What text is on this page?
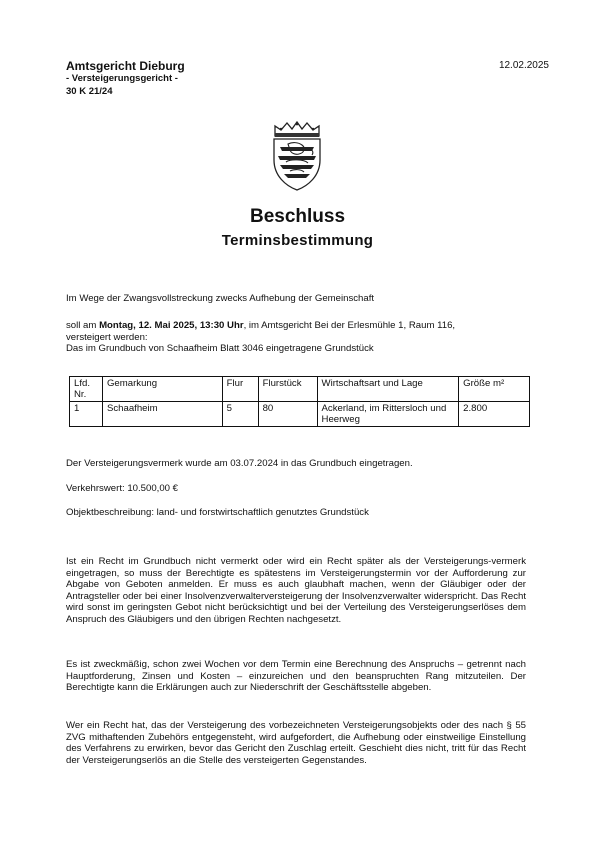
Amtsgericht Dieburg
- Versteigerungsgericht -
30 K 21/24
12.02.2025
Beschluss
Terminsbestimmung
Im Wege der Zwangsvollstreckung zwecks Aufhebung der Gemeinschaft
soll am Montag, 12. Mai 2025, 13:30 Uhr, im Amtsgericht Bei der Erlesmühle 1, Raum 116,
versteigert werden:
Das im Grundbuch von Schaafheim Blatt 3046 eingetragene Grundstück
Lfd. Nr.	Gemarkung	Flur	Flurstück	Wirtschaftsart und Lage	Größe m²
1	Schaafheim	5	80	Ackerland, im Rittersloch und Heerweg	2.800
Der Versteigerungsvermerk wurde am 03.07.2024 in das Grundbuch eingetragen.
Verkehrswert: 10.500,00 €
Objektbeschreibung: land- und forstwirtschaftlich genutztes Grundstück
Ist ein Recht im Grundbuch nicht vermerkt oder wird ein Recht später als der Versteigerungs-vermerk eingetragen, so muss der Berechtigte es spätestens im Versteigerungstermin vor der Aufforderung zur Abgabe von Geboten anmelden. Er muss es auch glaubhaft machen, wenn der Gläubiger oder der Antragsteller oder bei einer Insolvenzverwalterversteigerung der Insolvenzverwalter widerspricht. Das Recht wird sonst im geringsten Gebot nicht berücksichtigt und bei der Verteilung des Versteigerungserlöses dem Anspruch des Gläubigers und den übrigen Rechten nachgesetzt.
Es ist zweckmäßig, schon zwei Wochen vor dem Termin eine Berechnung des Anspruchs – getrennt nach Hauptforderung, Zinsen und Kosten – einzureichen und den beanspruchten Rang mitzuteilen. Der Berechtigte kann die Erklärungen auch zur Niederschrift der Geschäftsstelle abgeben.
Wer ein Recht hat, das der Versteigerung des vorbezeichneten Versteigerungsobjekts oder des nach § 55 ZVG mithaftenden Zubehörs entgegensteht, wird aufgefordert, die Aufhebung oder einstweilige Einstellung des Verfahrens zu erwirken, bevor das Gericht den Zuschlag erteilt. Geschieht dies nicht, tritt für das Recht der Versteigerungserlös an die Stelle des versteigerten Gegenstandes.
